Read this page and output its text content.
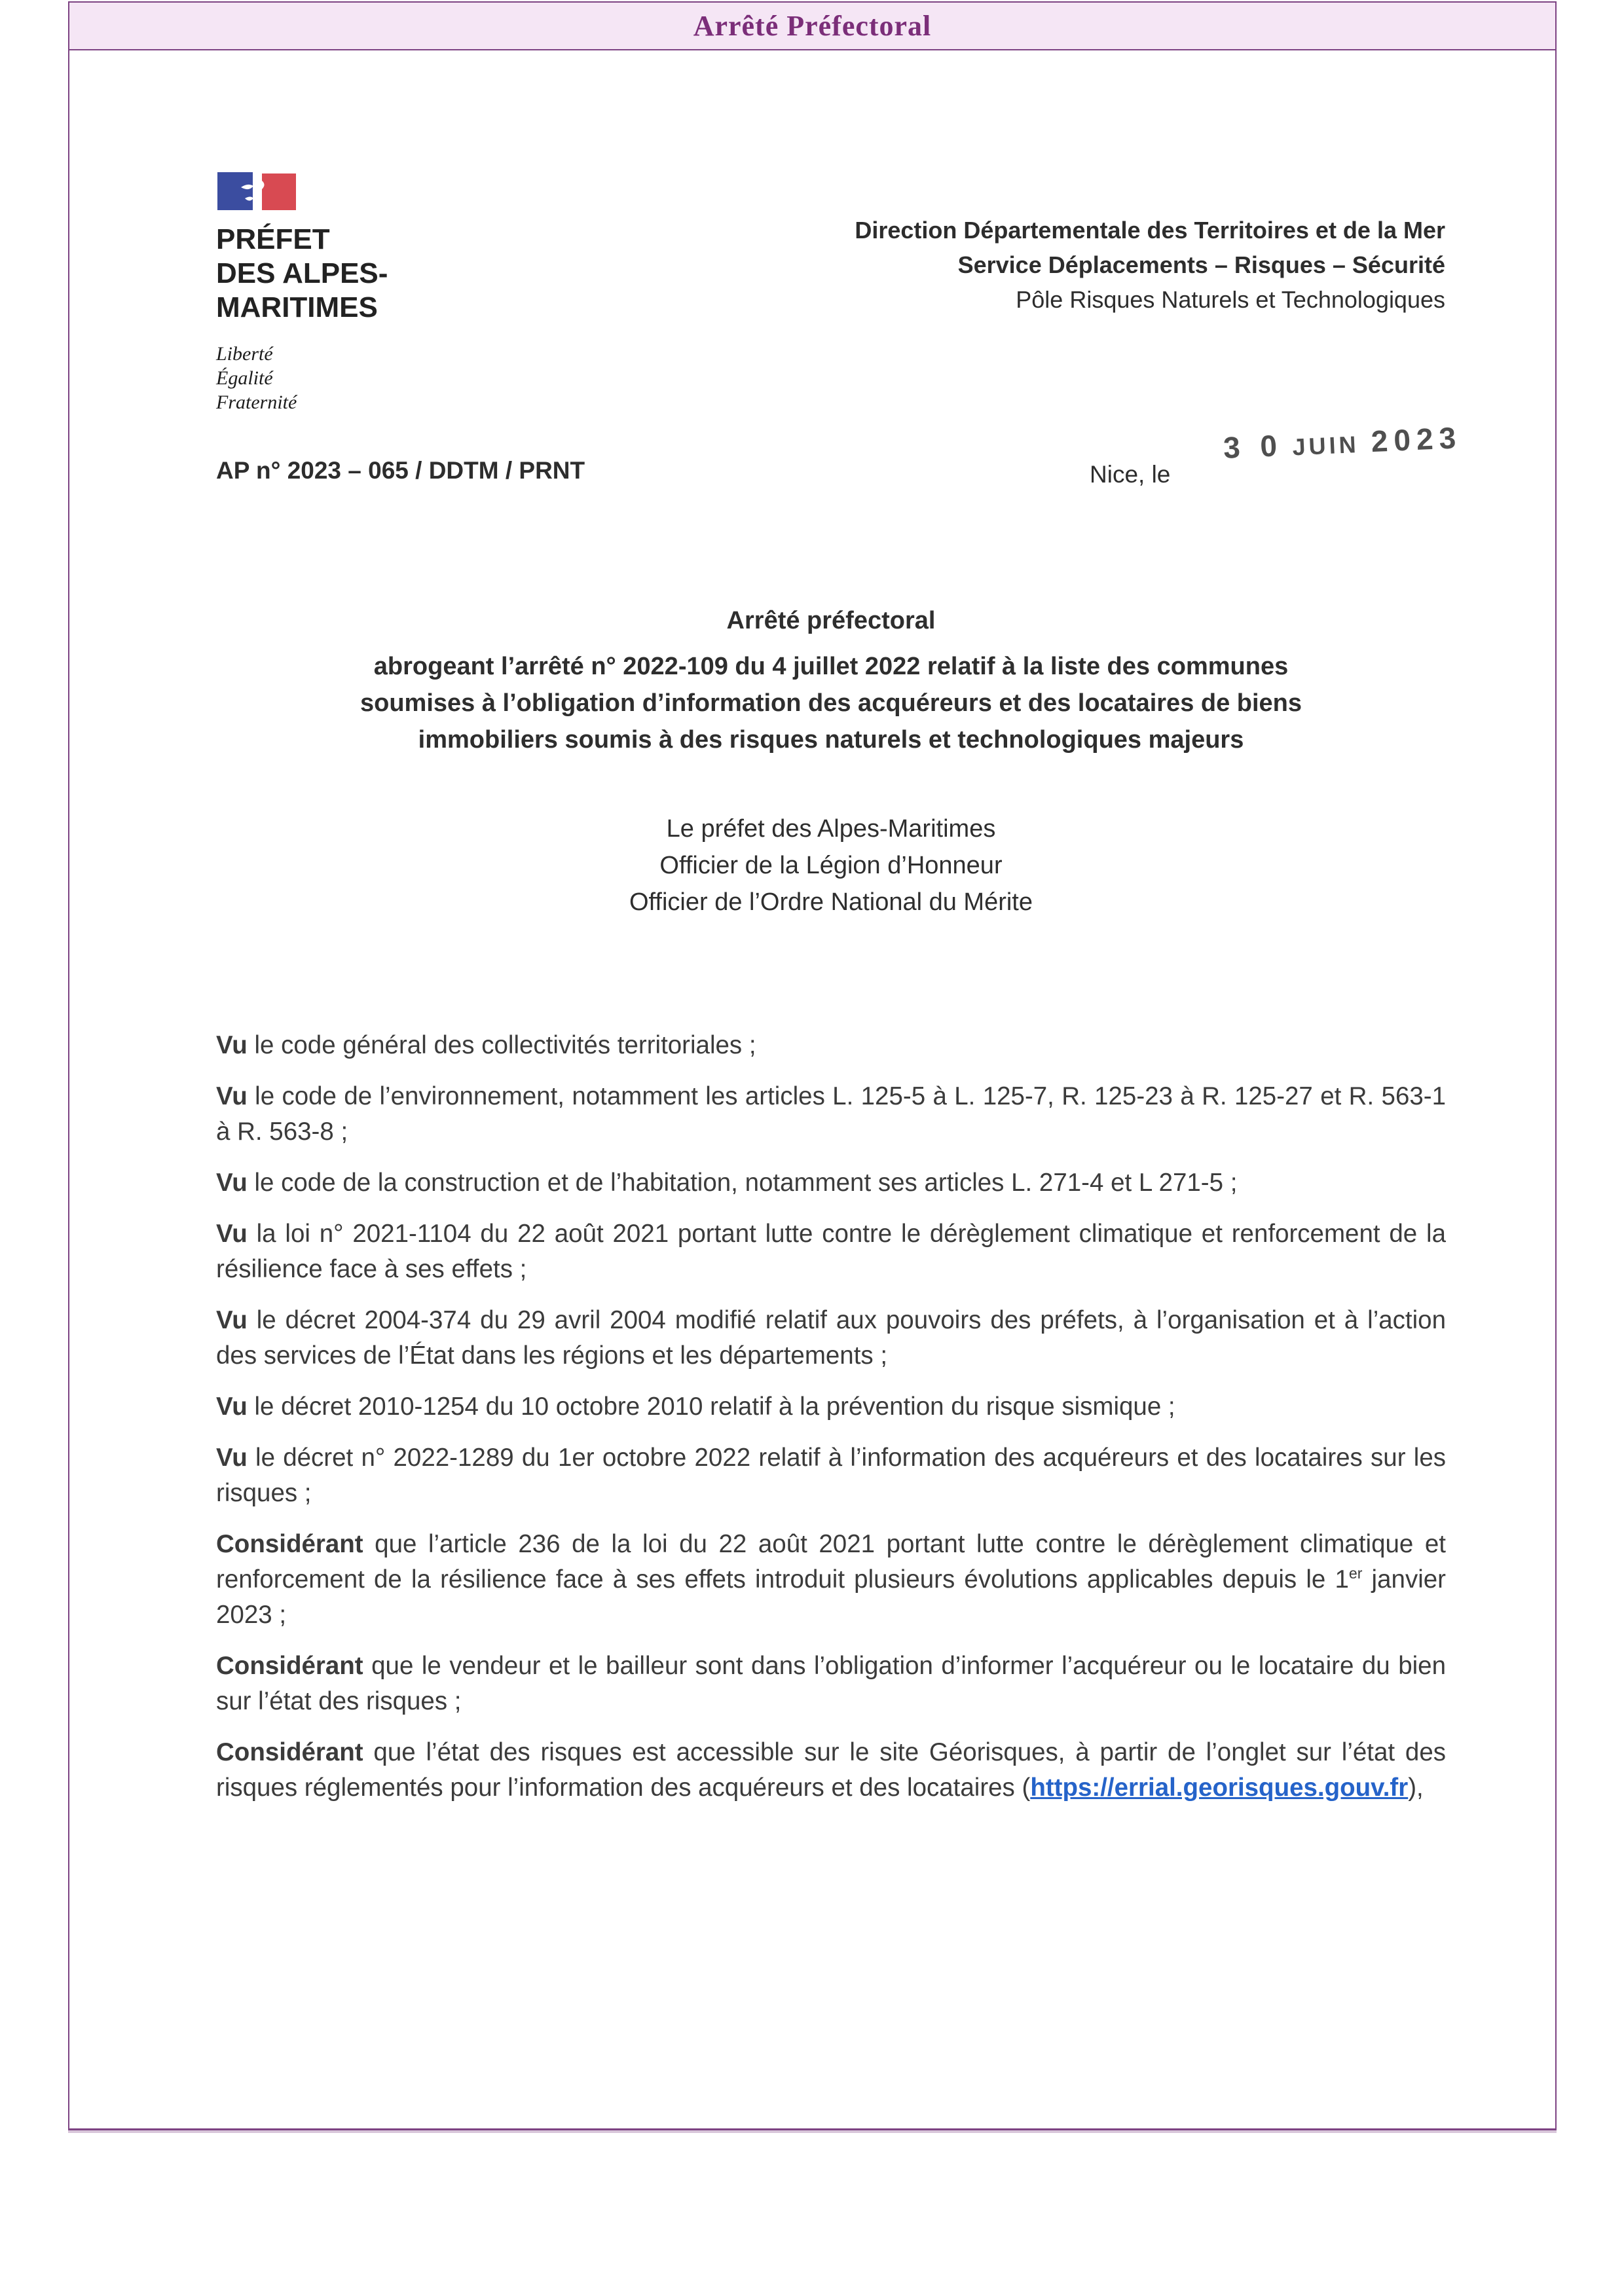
Arrêté Préfectoral
PRÉFET
DES ALPES-
MARITIMES
Liberté
Égalité
Fraternité
Direction Départementale des Territoires et de la Mer
Service Déplacements – Risques – Sécurité
Pôle Risques Naturels et Technologiques
AP n° 2023 – 065 / DDTM / PRNT	Nice, le
3 0 JUIN 2023
Arrêté préfectoral
abrogeant l’arrêté n° 2022-109 du 4 juillet 2022 relatif à la liste des communes
soumises à l’obligation d’information des acquéreurs et des locataires de biens
immobiliers soumis à des risques naturels et technologiques majeurs
Le préfet des Alpes-Maritimes
Officier de la Légion d’Honneur
Officier de l’Ordre National du Mérite

Vu le code général des collectivités territoriales ;

Vu le code de l’environnement, notamment les articles L. 125-5 à L. 125-7, R. 125-23 à R. 125-27 et R. 563-1 à R. 563-8 ;

Vu le code de la construction et de l’habitation, notamment ses articles L. 271-4 et L 271-5 ;

Vu la loi n° 2021-1104 du 22 août 2021 portant lutte contre le dérèglement climatique et renforcement de la résilience face à ses effets ;

Vu le décret 2004-374 du 29 avril 2004 modifié relatif aux pouvoirs des préfets, à l’organisation et à l’action des services de l’État dans les régions et les départements ;

Vu le décret 2010-1254 du 10 octobre 2010 relatif à la prévention du risque sismique ;

Vu le décret n° 2022-1289 du 1er octobre 2022 relatif à l’information des acquéreurs et des locataires sur les risques ;

Considérant que l’article 236 de la loi du 22 août 2021 portant lutte contre le dérèglement climatique et renforcement de la résilience face à ses effets introduit plusieurs évolutions applicables depuis le 1er janvier 2023 ;

Considérant que le vendeur et le bailleur sont dans l’obligation d’informer l’acquéreur ou le locataire du bien sur l’état des risques ;

Considérant que l’état des risques est accessible sur le site Géorisques, à partir de l’onglet sur l’état des risques réglementés pour l’information des acquéreurs et des locataires (https://errial.georisques.gouv.fr),
